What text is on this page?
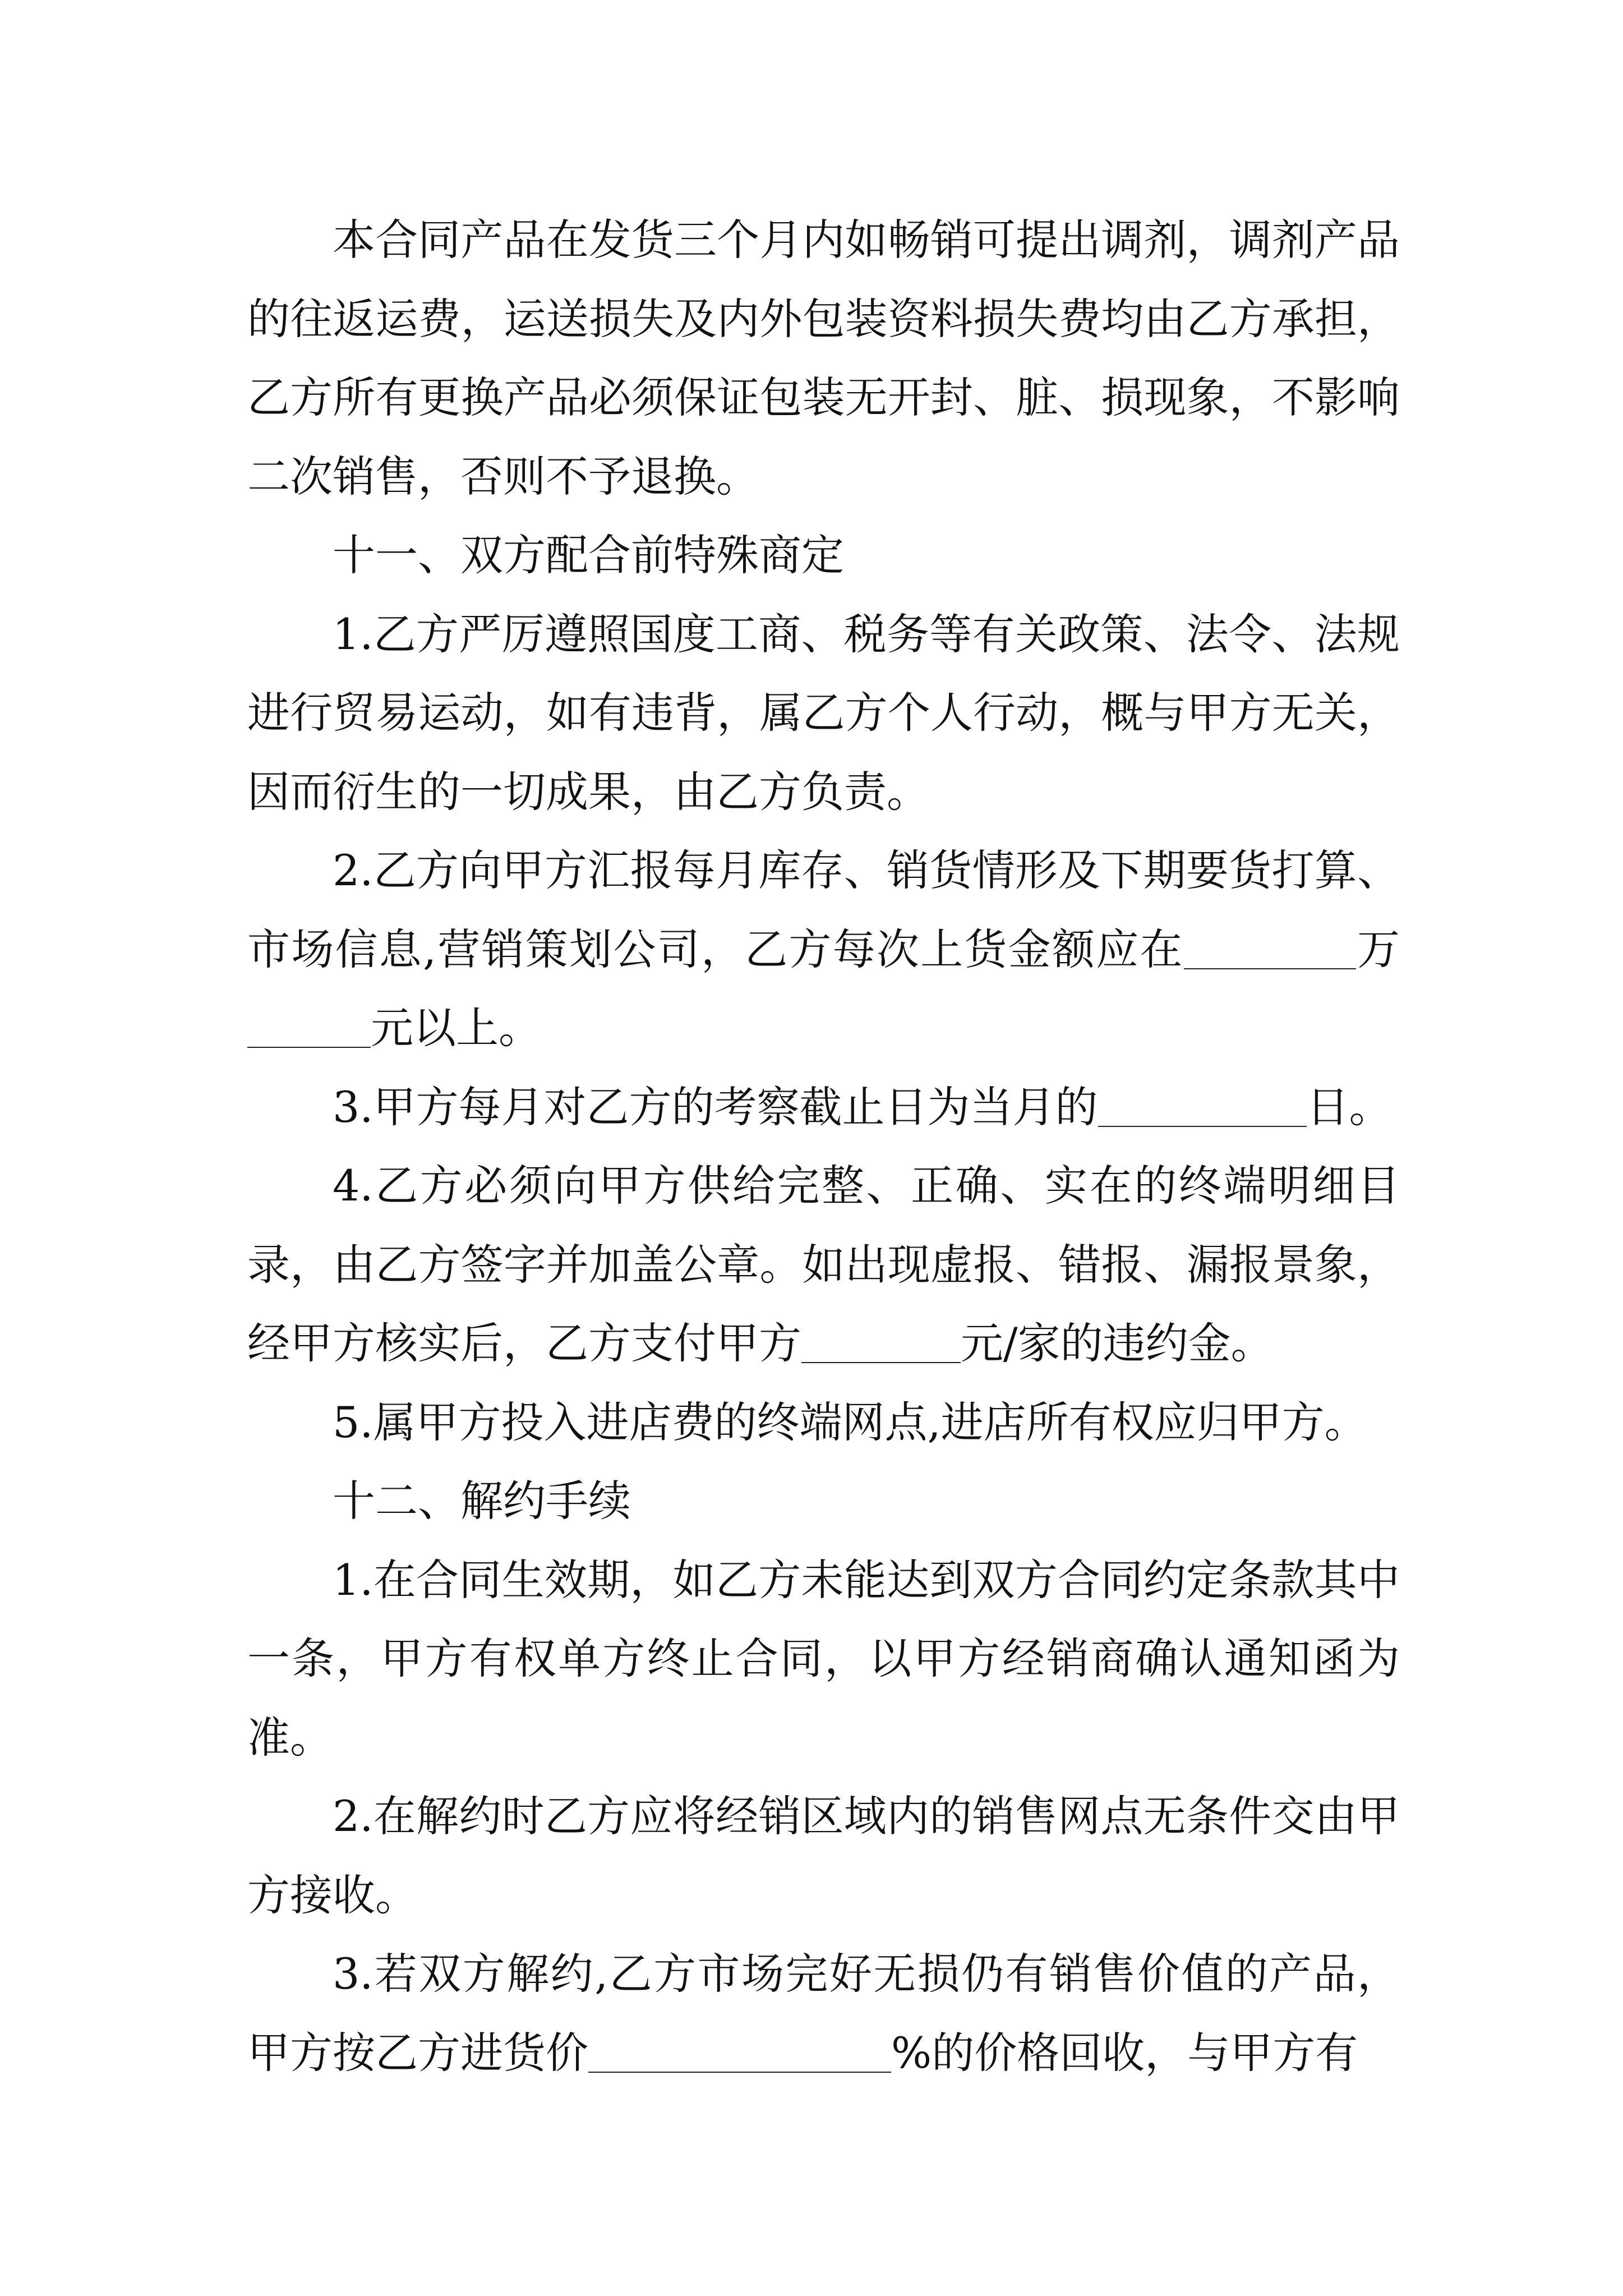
本合同产品在发货三个月内如畅销可提出调剂，调剂产品的往返运费，运送损失及内外包装资料损失费均由乙方承担，乙方所有更换产品必须保证包装无开封、脏、损现象，不影响二次销售，否则不予退换。

十一、双方配合前特殊商定

1.乙方严厉遵照国度工商、税务等有关政策、法令、法规进行贸易运动，如有违背，属乙方个人行动，概与甲方无关，因而衍生的一切成果，由乙方负责。

2.乙方向甲方汇报每月库存、销货情形及下期要货打算、市场信息,营销策划公司，乙方每次上货金额应在	万元以上。

3.甲方每月对乙方的考察截止日为当月的	日。

4.乙方必须向甲方供给完整、正确、实在的终端明细目录，由乙方签字并加盖公章。如出现虚报、错报、漏报景象，经甲方核实后，乙方支付甲方	元/家的违约金。

5.属甲方投入进店费的终端网点,进店所有权应归甲方。

十二、解约手续

1.在合同生效期，如乙方未能达到双方合同约定条款其中一条，甲方有权单方终止合同，以甲方经销商确认通知函为准。

2.在解约时乙方应将经销区域内的销售网点无条件交由甲方接收。

3.若双方解约,乙方市场完好无损仍有销售价值的产品，甲方按乙方进货价	%的价格回收，与甲方有
